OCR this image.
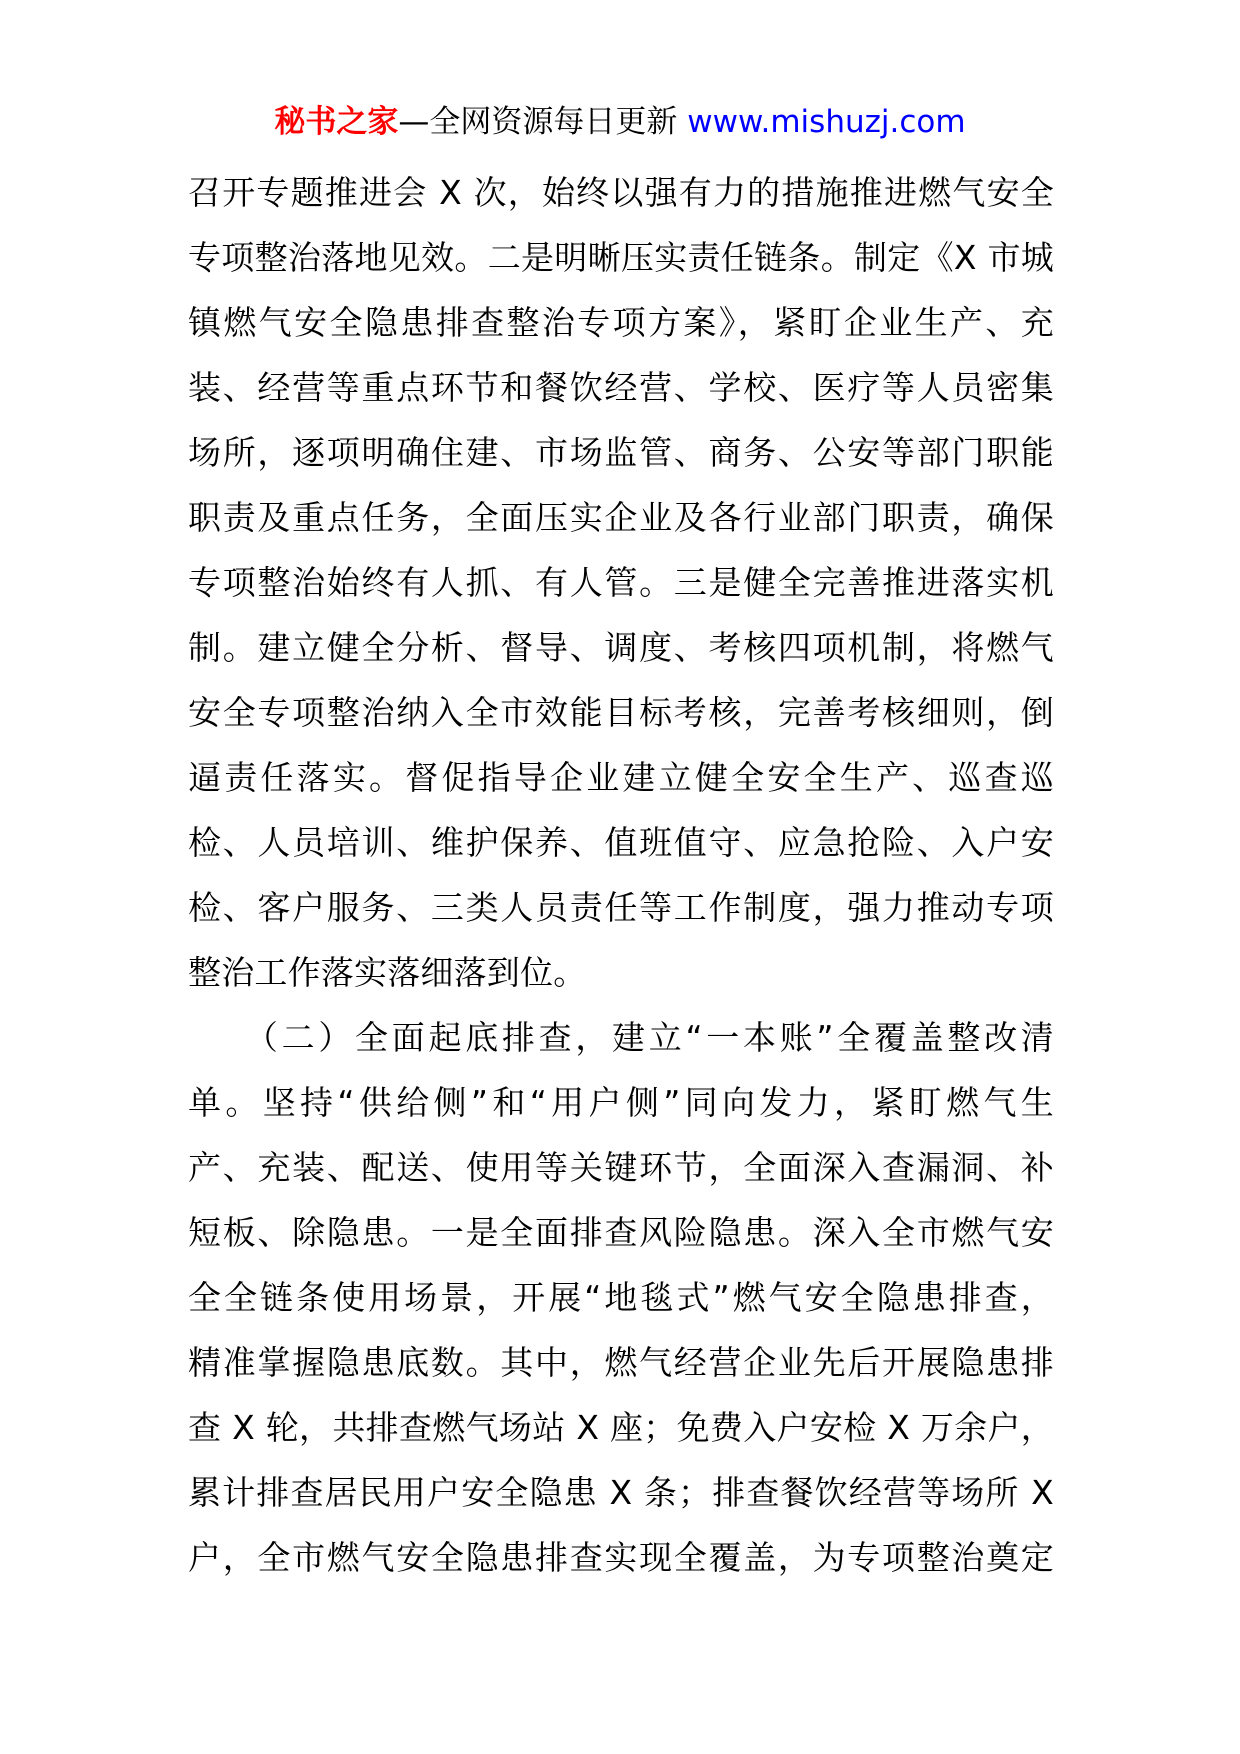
秘书之家—全网资源每日更新 www.mishuzj.com
召开专题推进会 X 次，始终以强有力的措施推进燃气安全
专项整治落地见效。二是明晰压实责任链条。制定《X 市城
镇燃气安全隐患排查整治专项方案》，紧盯企业生产、充
装、经营等重点环节和餐饮经营、学校、医疗等人员密集
场所，逐项明确住建、市场监管、商务、公安等部门职能
职责及重点任务，全面压实企业及各行业部门职责，确保
专项整治始终有人抓、有人管。三是健全完善推进落实机
制。建立健全分析、督导、调度、考核四项机制，将燃气
安全专项整治纳入全市效能目标考核，完善考核细则，倒
逼责任落实。督促指导企业建立健全安全生产、巡查巡
检、人员培训、维护保养、值班值守、应急抢险、入户安
检、客户服务、三类人员责任等工作制度，强力推动专项
整治工作落实落细落到位。
　　（二）全面起底排查，建立“一本账”全覆盖整改清
单。坚持“供给侧”和“用户侧”同向发力，紧盯燃气生
产、充装、配送、使用等关键环节，全面深入查漏洞、补
短板、除隐患。一是全面排查风险隐患。深入全市燃气安
全全链条使用场景，开展“地毯式”燃气安全隐患排查，
精准掌握隐患底数。其中，燃气经营企业先后开展隐患排
查 X 轮，共排查燃气场站 X 座；免费入户安检 X 万余户，
累计排查居民用户安全隐患 X 条；排查餐饮经营等场所 X
户，全市燃气安全隐患排查实现全覆盖，为专项整治奠定
